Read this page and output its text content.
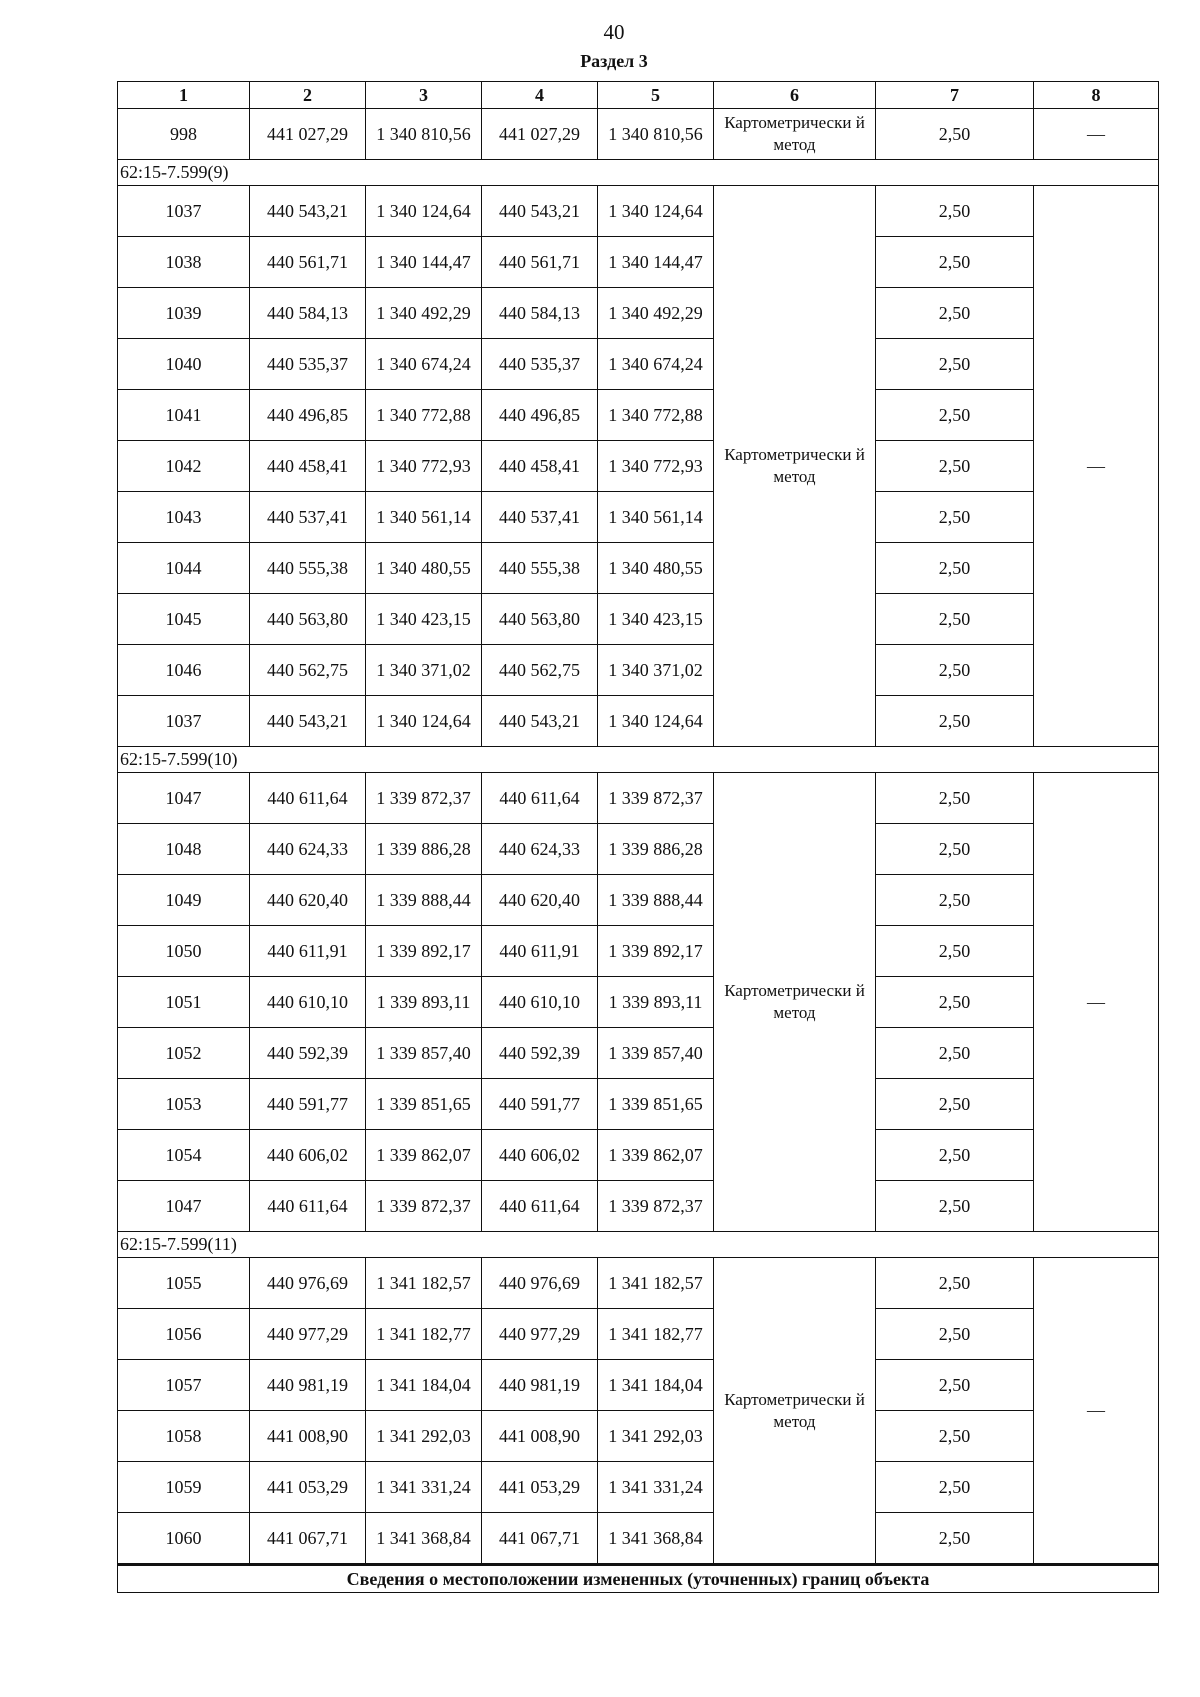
40
Раздел 3
1	2	3	4	5	6	7	8
998	441 027,29	1 340 810,56	441 027,29	1 340 810,56	Картометрически й метод	2,50	—
62:15-7.599(9)							
1037	440 543,21	1 340 124,64	440 543,21	1 340 124,64	Картометрически й метод	2,50	—
1038	440 561,71	1 340 144,47	440 561,71	1 340 144,47		2,50	
1039	440 584,13	1 340 492,29	440 584,13	1 340 492,29		2,50	
1040	440 535,37	1 340 674,24	440 535,37	1 340 674,24		2,50	
1041	440 496,85	1 340 772,88	440 496,85	1 340 772,88		2,50	
1042	440 458,41	1 340 772,93	440 458,41	1 340 772,93		2,50	
1043	440 537,41	1 340 561,14	440 537,41	1 340 561,14		2,50	
1044	440 555,38	1 340 480,55	440 555,38	1 340 480,55		2,50	
1045	440 563,80	1 340 423,15	440 563,80	1 340 423,15		2,50	
1046	440 562,75	1 340 371,02	440 562,75	1 340 371,02		2,50	
1037	440 543,21	1 340 124,64	440 543,21	1 340 124,64		2,50	
62:15-7.599(10)							
1047	440 611,64	1 339 872,37	440 611,64	1 339 872,37	Картометрически й метод	2,50	—
1048	440 624,33	1 339 886,28	440 624,33	1 339 886,28		2,50	
1049	440 620,40	1 339 888,44	440 620,40	1 339 888,44		2,50	
1050	440 611,91	1 339 892,17	440 611,91	1 339 892,17		2,50	
1051	440 610,10	1 339 893,11	440 610,10	1 339 893,11		2,50	
1052	440 592,39	1 339 857,40	440 592,39	1 339 857,40		2,50	
1053	440 591,77	1 339 851,65	440 591,77	1 339 851,65		2,50	
1054	440 606,02	1 339 862,07	440 606,02	1 339 862,07		2,50	
1047	440 611,64	1 339 872,37	440 611,64	1 339 872,37		2,50	
62:15-7.599(11)							
1055	440 976,69	1 341 182,57	440 976,69	1 341 182,57	Картометрически й метод	2,50	—
1056	440 977,29	1 341 182,77	440 977,29	1 341 182,77		2,50	
1057	440 981,19	1 341 184,04	440 981,19	1 341 184,04		2,50	
1058	441 008,90	1 341 292,03	441 008,90	1 341 292,03		2,50	
1059	441 053,29	1 341 331,24	441 053,29	1 341 331,24		2,50	
1060	441 067,71	1 341 368,84	441 067,71	1 341 368,84		2,50	
Сведения о местоположении измененных (уточненных) границ объекта							
